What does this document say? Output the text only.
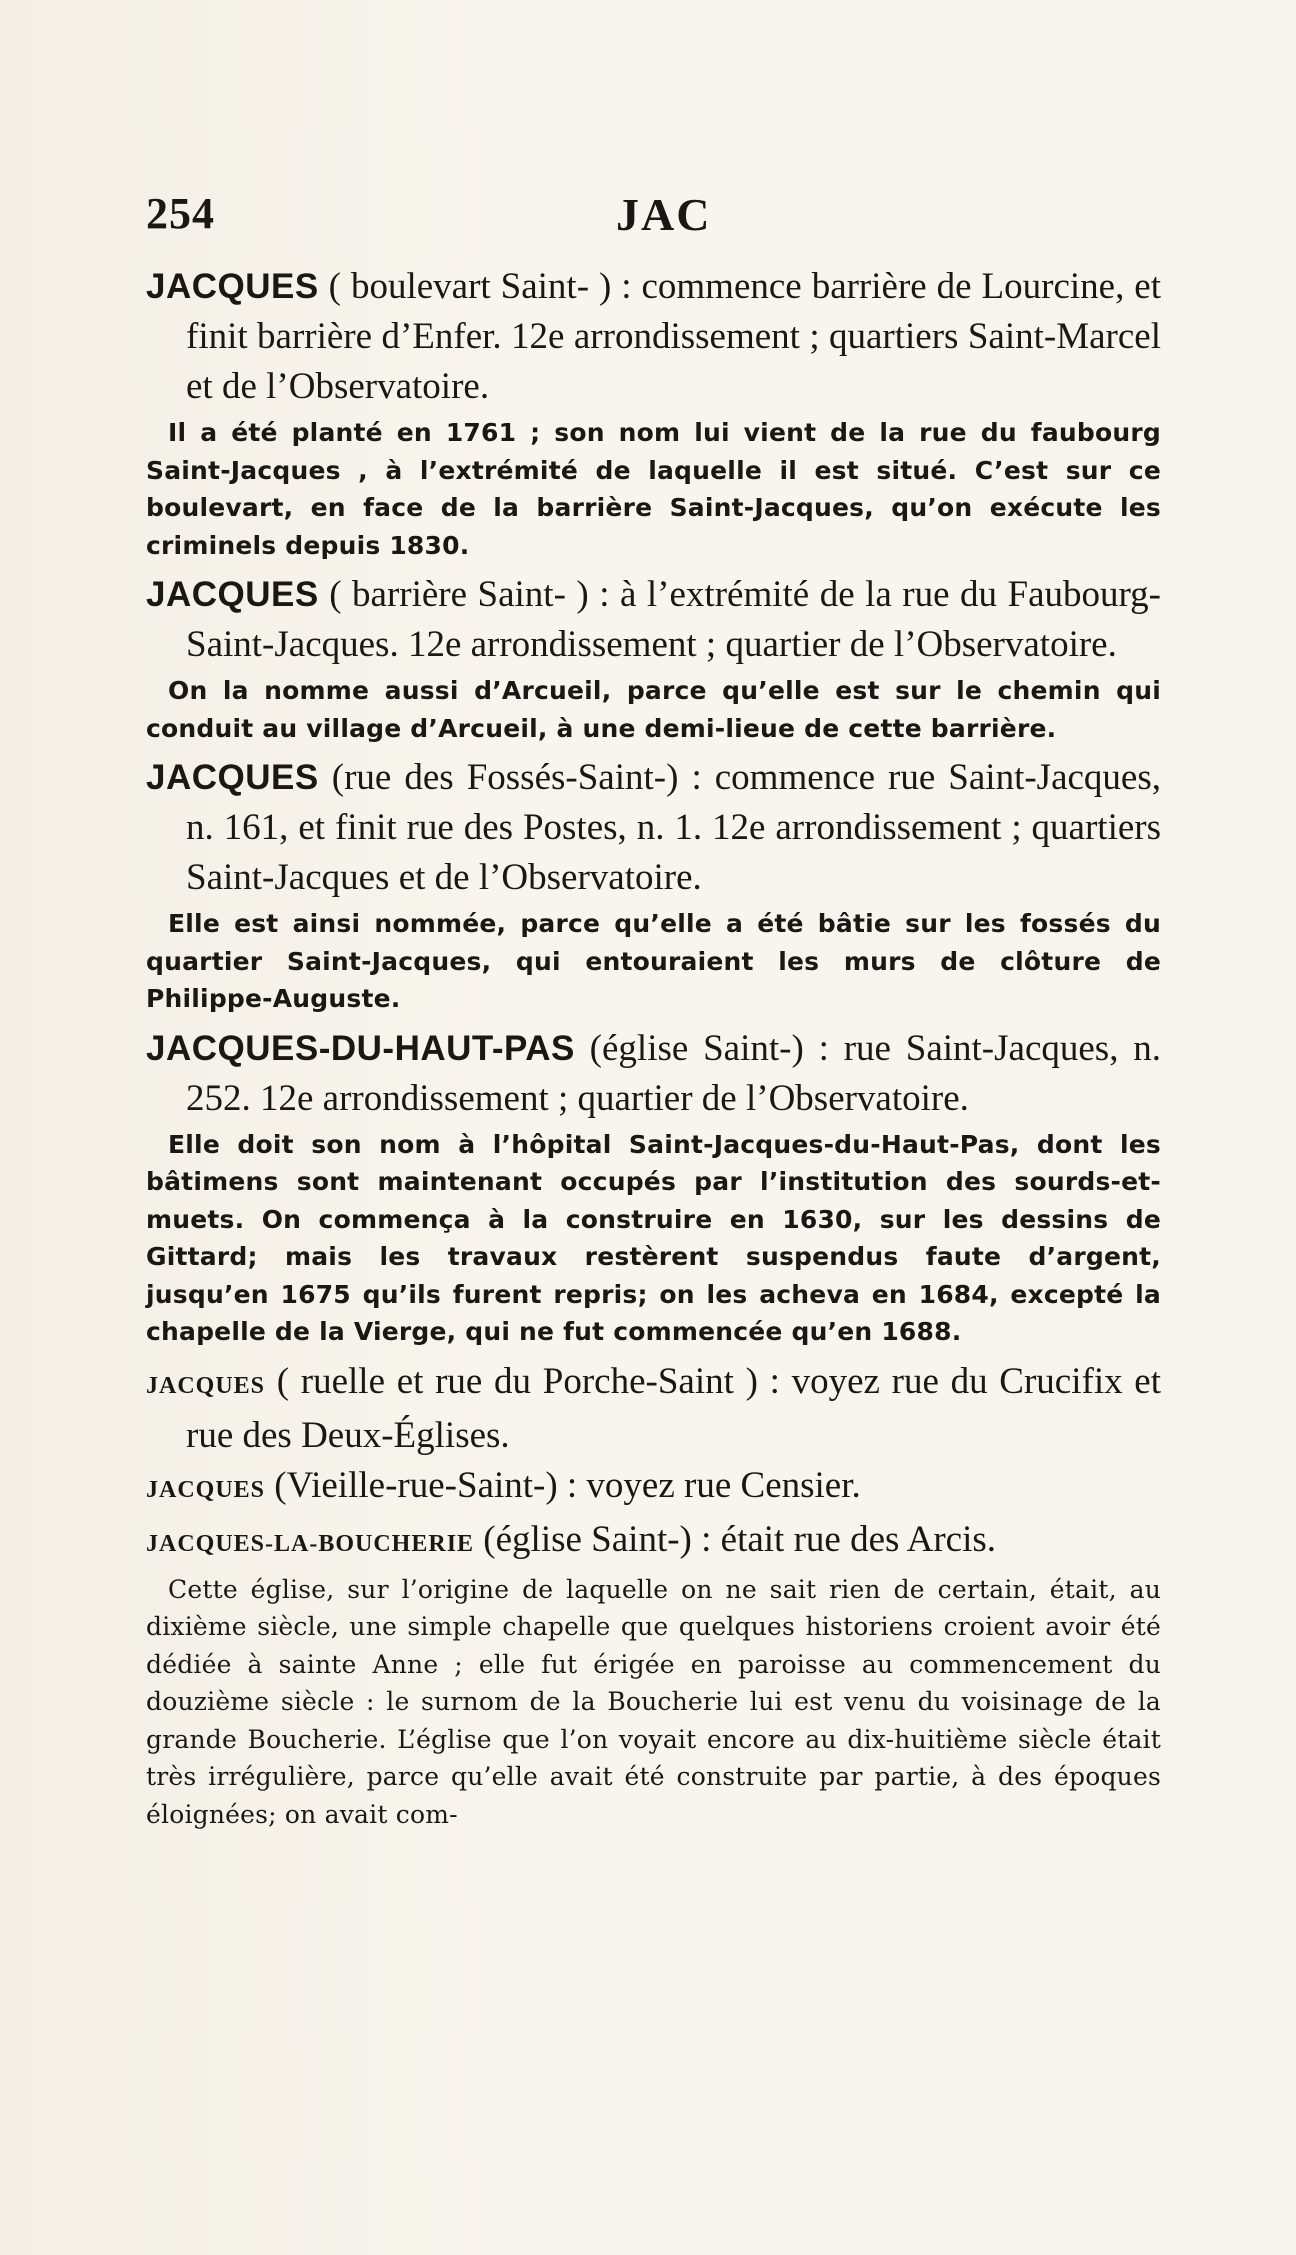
254	JAC

JACQUES ( boulevart Saint- ) : commence barrière de Lourcine, et finit barrière d’Enfer. 12e arrondissement ; quartiers Saint-Marcel et de l’Observatoire.

Il a été planté en 1761 ; son nom lui vient de la rue du faubourg Saint-Jacques , à l’extrémité de laquelle il est situé. C’est sur ce boulevart, en face de la barrière Saint-Jacques, qu’on exécute les criminels depuis 1830.

JACQUES ( barrière Saint- ) : à l’extrémité de la rue du Faubourg-Saint-Jacques. 12e arrondissement ; quartier de l’Observatoire.

On la nomme aussi d’Arcueil, parce qu’elle est sur le chemin qui conduit au village d’Arcueil, à une demi-lieue de cette barrière.

JACQUES (rue des Fossés-Saint-) : commence rue Saint-Jacques, n. 161, et finit rue des Postes, n. 1. 12e arrondissement ; quartiers Saint-Jacques et de l’Observatoire.

Elle est ainsi nommée, parce qu’elle a été bâtie sur les fossés du quartier Saint-Jacques, qui entouraient les murs de clôture de Philippe-Auguste.

JACQUES-DU-HAUT-PAS (église Saint-) : rue Saint-Jacques, n. 252. 12e arrondissement ; quartier de l’Observatoire.

Elle doit son nom à l’hôpital Saint-Jacques-du-Haut-Pas, dont les bâtimens sont maintenant occupés par l’institution des sourds-et-muets. On commença à la construire en 1630, sur les dessins de Gittard; mais les travaux restèrent suspendus faute d’argent, jusqu’en 1675 qu’ils furent repris; on les acheva en 1684, excepté la chapelle de la Vierge, qui ne fut commencée qu’en 1688.

JACQUES ( ruelle et rue du Porche-Saint ) : voyez rue du Crucifix et rue des Deux-Églises.

JACQUES (Vieille-rue-Saint-) : voyez rue Censier.

JACQUES-LA-BOUCHERIE (église Saint-) : était rue des Arcis.

Cette église, sur l’origine de laquelle on ne sait rien de certain, était, au dixième siècle, une simple chapelle que quelques historiens croient avoir été dédiée à sainte Anne ; elle fut érigée en paroisse au commencement du douzième siècle : le surnom de la Boucherie lui est venu du voisinage de la grande Boucherie. L’église que l’on voyait encore au dix-huitième siècle était très irrégulière, parce qu’elle avait été construite par partie, à des époques éloignées; on avait com-
